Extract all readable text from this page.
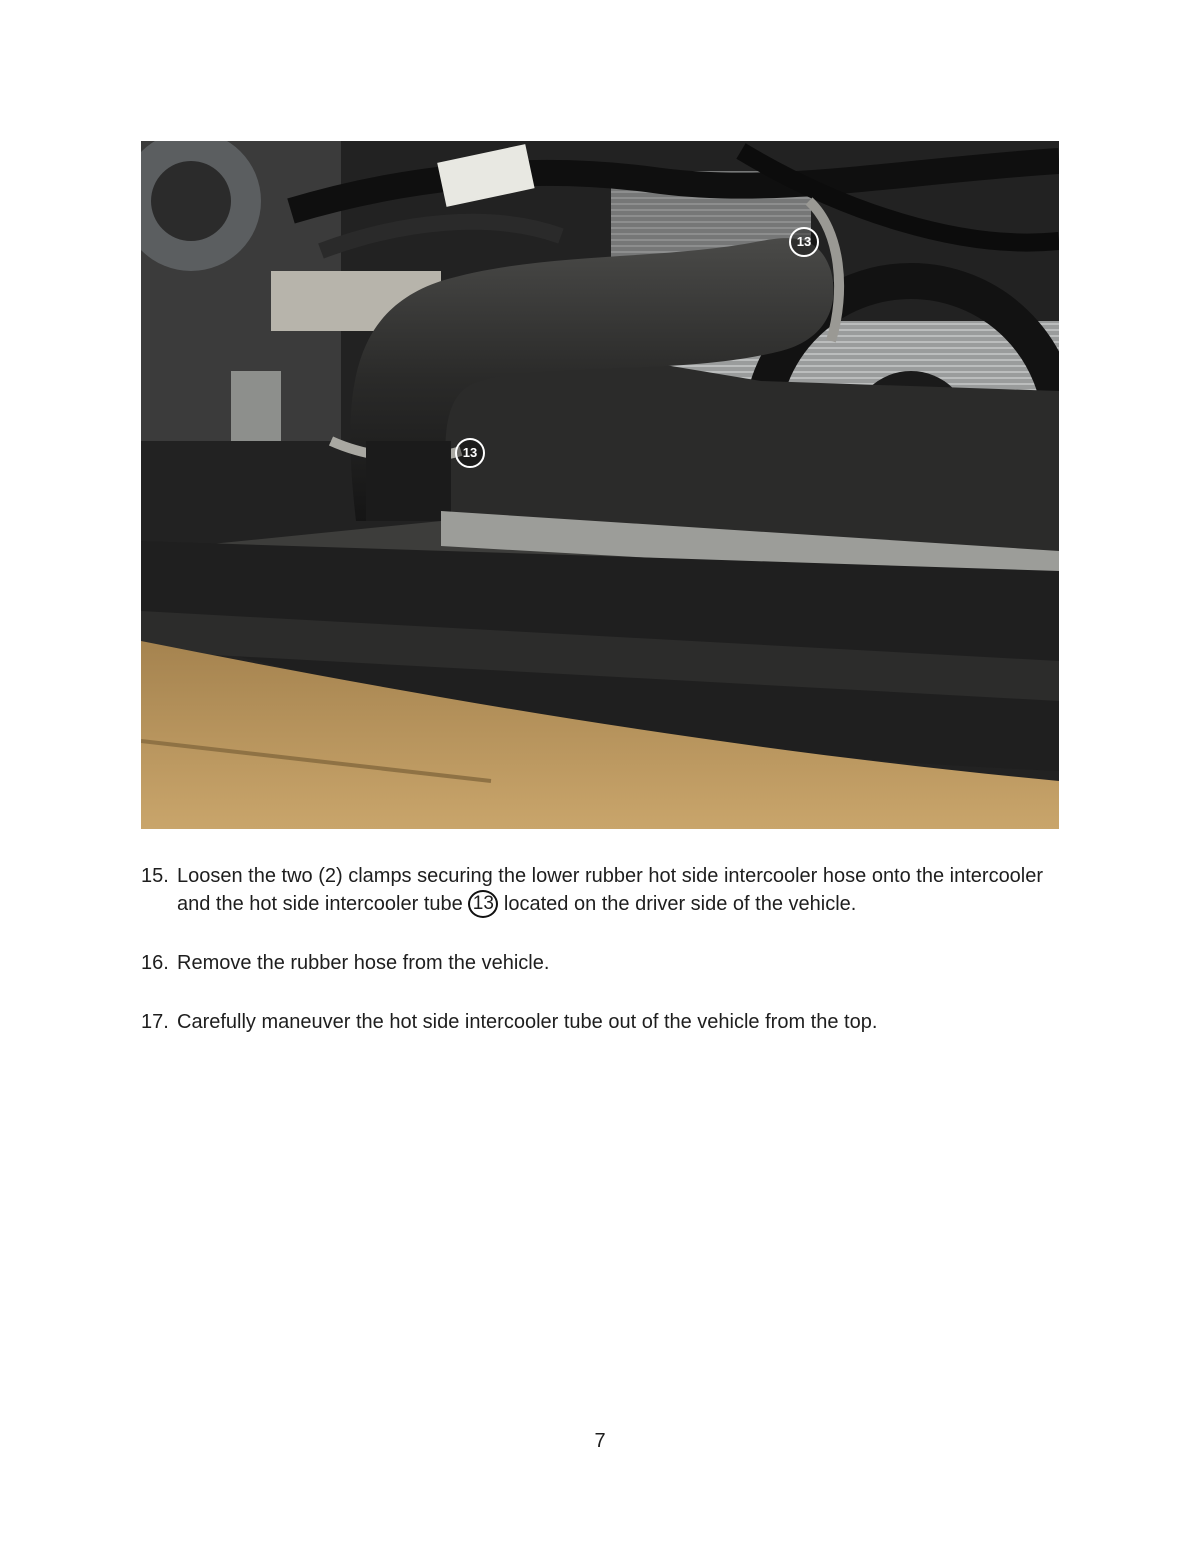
13
13
15. Loosen the two (2) clamps securing the lower rubber hot side intercooler hose onto the intercooler and the hot side intercooler tube 13 located on the driver side of the vehicle.
16. Remove the rubber hose from the vehicle.
17. Carefully maneuver the hot side intercooler tube out of the vehicle from the top.
7
